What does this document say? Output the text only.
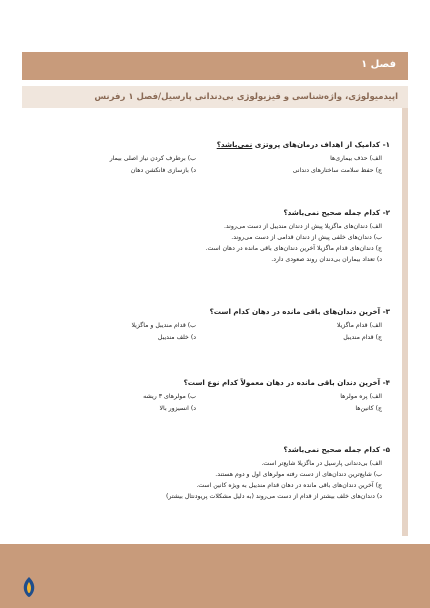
فصل ۱
اپیدمیولوژی، واژه‌شناسی و فیزیولوژی بی‌دندانی پارسیل/فصل ۱ رفرنس
۱- کدامیک از اهداف درمان‌های پروتزی نمی‌باشد؟
الف) حذف بیماری‌ها
ب) برطرف کردن نیاز اصلی بیمار
ج) حفظ سلامت ساختارهای دندانی
د) بازسازی فانکشن دهان
۲- کدام جمله صحیح نمی‌باشد؟
الف) دندان‌های ماگزیلا پیش از دندان مندیبل از دست می‌روند.
ب) دندان‌های خلفی پیش از دندان قدامی از دست می‌روند.
ج) دندان‌های قدام ماگزیلا آخرین دندان‌های باقی مانده در دهان است.
د) تعداد بیماران بی‌دندان روند صعودی دارد.
۳- آخرین دندان‌های باقی مانده در دهان کدام است؟
الف) قدام ماگزیلا
ب) قدام مندیبل و ماگزیلا
ج) قدام مندیبل
د) خلف مندیبل
۴- آخرین دندان باقی مانده در دهان معمولاً کدام نوع است؟
الف) پره مولرها
ب) مولرهای ۳ ریشه
ج) کانین‌ها
د) انسیزور بالا
۵- کدام جمله صحیح نمی‌باشد؟
الف) بی‌دندانی پارسیل در ماگزیلا شایع‌تر است.
ب) شایع‌ترین دندان‌های از دست رفته مولرهای اول و دوم هستند.
ج) آخرین دندان‌های باقی مانده در دهان قدام مندیبل به ویژه کانین است.
د) دندان‌های خلف بیشتر از قدام از دست می‌روند (به دلیل مشکلات پریودنتال بیشتر)
